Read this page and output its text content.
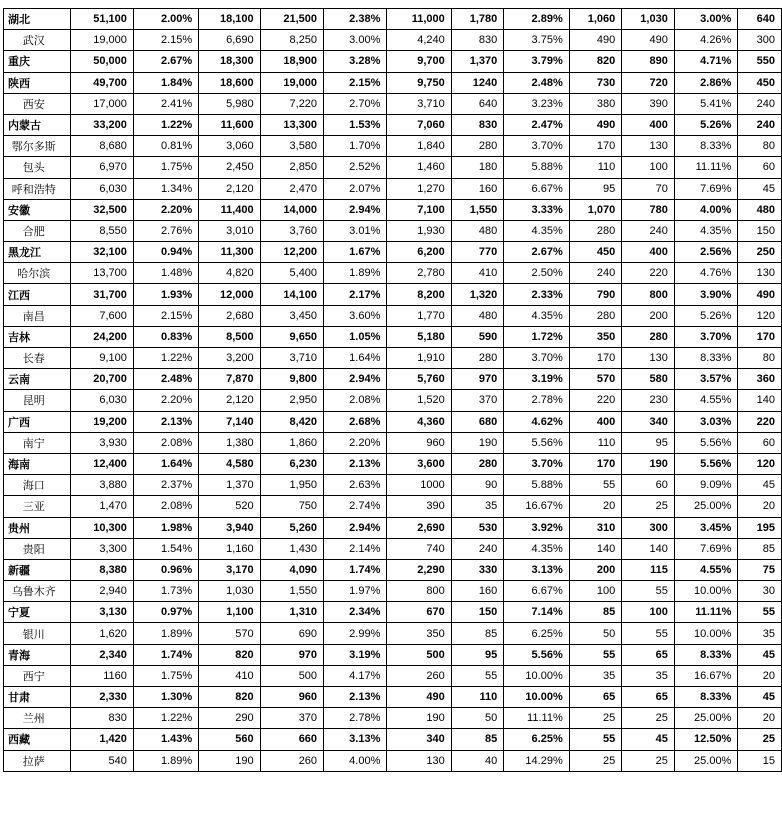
湖北	51,100	2.00%	18,100	21,500	2.38%	11,000	1,780	2.89%	1,060	1,030	3.00%	640
武汉	19,000	2.15%	6,690	8,250	3.00%	4,240	830	3.75%	490	490	4.26%	300
重庆	50,000	2.67%	18,300	18,900	3.28%	9,700	1,370	3.79%	820	890	4.71%	550
陕西	49,700	1.84%	18,600	19,000	2.15%	9,750	1240	2.48%	730	720	2.86%	450
西安	17,000	2.41%	5,980	7,220	2.70%	3,710	640	3.23%	380	390	5.41%	240
内蒙古	33,200	1.22%	11,600	13,300	1.53%	7,060	830	2.47%	490	400	5.26%	240
鄂尔多斯	8,680	0.81%	3,060	3,580	1.70%	1,840	280	3.70%	170	130	8.33%	80
包头	6,970	1.75%	2,450	2,850	2.52%	1,460	180	5.88%	110	100	11.11%	60
呼和浩特	6,030	1.34%	2,120	2,470	2.07%	1,270	160	6.67%	95	70	7.69%	45
安徽	32,500	2.20%	11,400	14,000	2.94%	7,100	1,550	3.33%	1,070	780	4.00%	480
合肥	8,550	2.76%	3,010	3,760	3.01%	1,930	480	4.35%	280	240	4.35%	150
黑龙江	32,100	0.94%	11,300	12,200	1.67%	6,200	770	2.67%	450	400	2.56%	250
哈尔滨	13,700	1.48%	4,820	5,400	1.89%	2,780	410	2.50%	240	220	4.76%	130
江西	31,700	1.93%	12,000	14,100	2.17%	8,200	1,320	2.33%	790	800	3.90%	490
南昌	7,600	2.15%	2,680	3,450	3.60%	1,770	480	4.35%	280	200	5.26%	120
吉林	24,200	0.83%	8,500	9,650	1.05%	5,180	590	1.72%	350	280	3.70%	170
长春	9,100	1.22%	3,200	3,710	1.64%	1,910	280	3.70%	170	130	8.33%	80
云南	20,700	2.48%	7,870	9,800	2.94%	5,760	970	3.19%	570	580	3.57%	360
昆明	6,030	2.20%	2,120	2,950	2.08%	1,520	370	2.78%	220	230	4.55%	140
广西	19,200	2.13%	7,140	8,420	2.68%	4,360	680	4.62%	400	340	3.03%	220
南宁	3,930	2.08%	1,380	1,860	2.20%	960	190	5.56%	110	95	5.56%	60
海南	12,400	1.64%	4,580	6,230	2.13%	3,600	280	3.70%	170	190	5.56%	120
海口	3,880	2.37%	1,370	1,950	2.63%	1000	90	5.88%	55	60	9.09%	45
三亚	1,470	2.08%	520	750	2.74%	390	35	16.67%	20	25	25.00%	20
贵州	10,300	1.98%	3,940	5,260	2.94%	2,690	530	3.92%	310	300	3.45%	195
贵阳	3,300	1.54%	1,160	1,430	2.14%	740	240	4.35%	140	140	7.69%	85
新疆	8,380	0.96%	3,170	4,090	1.74%	2,290	330	3.13%	200	115	4.55%	75
乌鲁木齐	2,940	1.73%	1,030	1,550	1.97%	800	160	6.67%	100	55	10.00%	30
宁夏	3,130	0.97%	1,100	1,310	2.34%	670	150	7.14%	85	100	11.11%	55
银川	1,620	1.89%	570	690	2.99%	350	85	6.25%	50	55	10.00%	35
青海	2,340	1.74%	820	970	3.19%	500	95	5.56%	55	65	8.33%	45
西宁	1160	1.75%	410	500	4.17%	260	55	10.00%	35	35	16.67%	20
甘肃	2,330	1.30%	820	960	2.13%	490	110	10.00%	65	65	8.33%	45
兰州	830	1.22%	290	370	2.78%	190	50	11.11%	25	25	25.00%	20
西藏	1,420	1.43%	560	660	3.13%	340	85	6.25%	55	45	12.50%	25
拉萨	540	1.89%	190	260	4.00%	130	40	14.29%	25	25	25.00%	15
